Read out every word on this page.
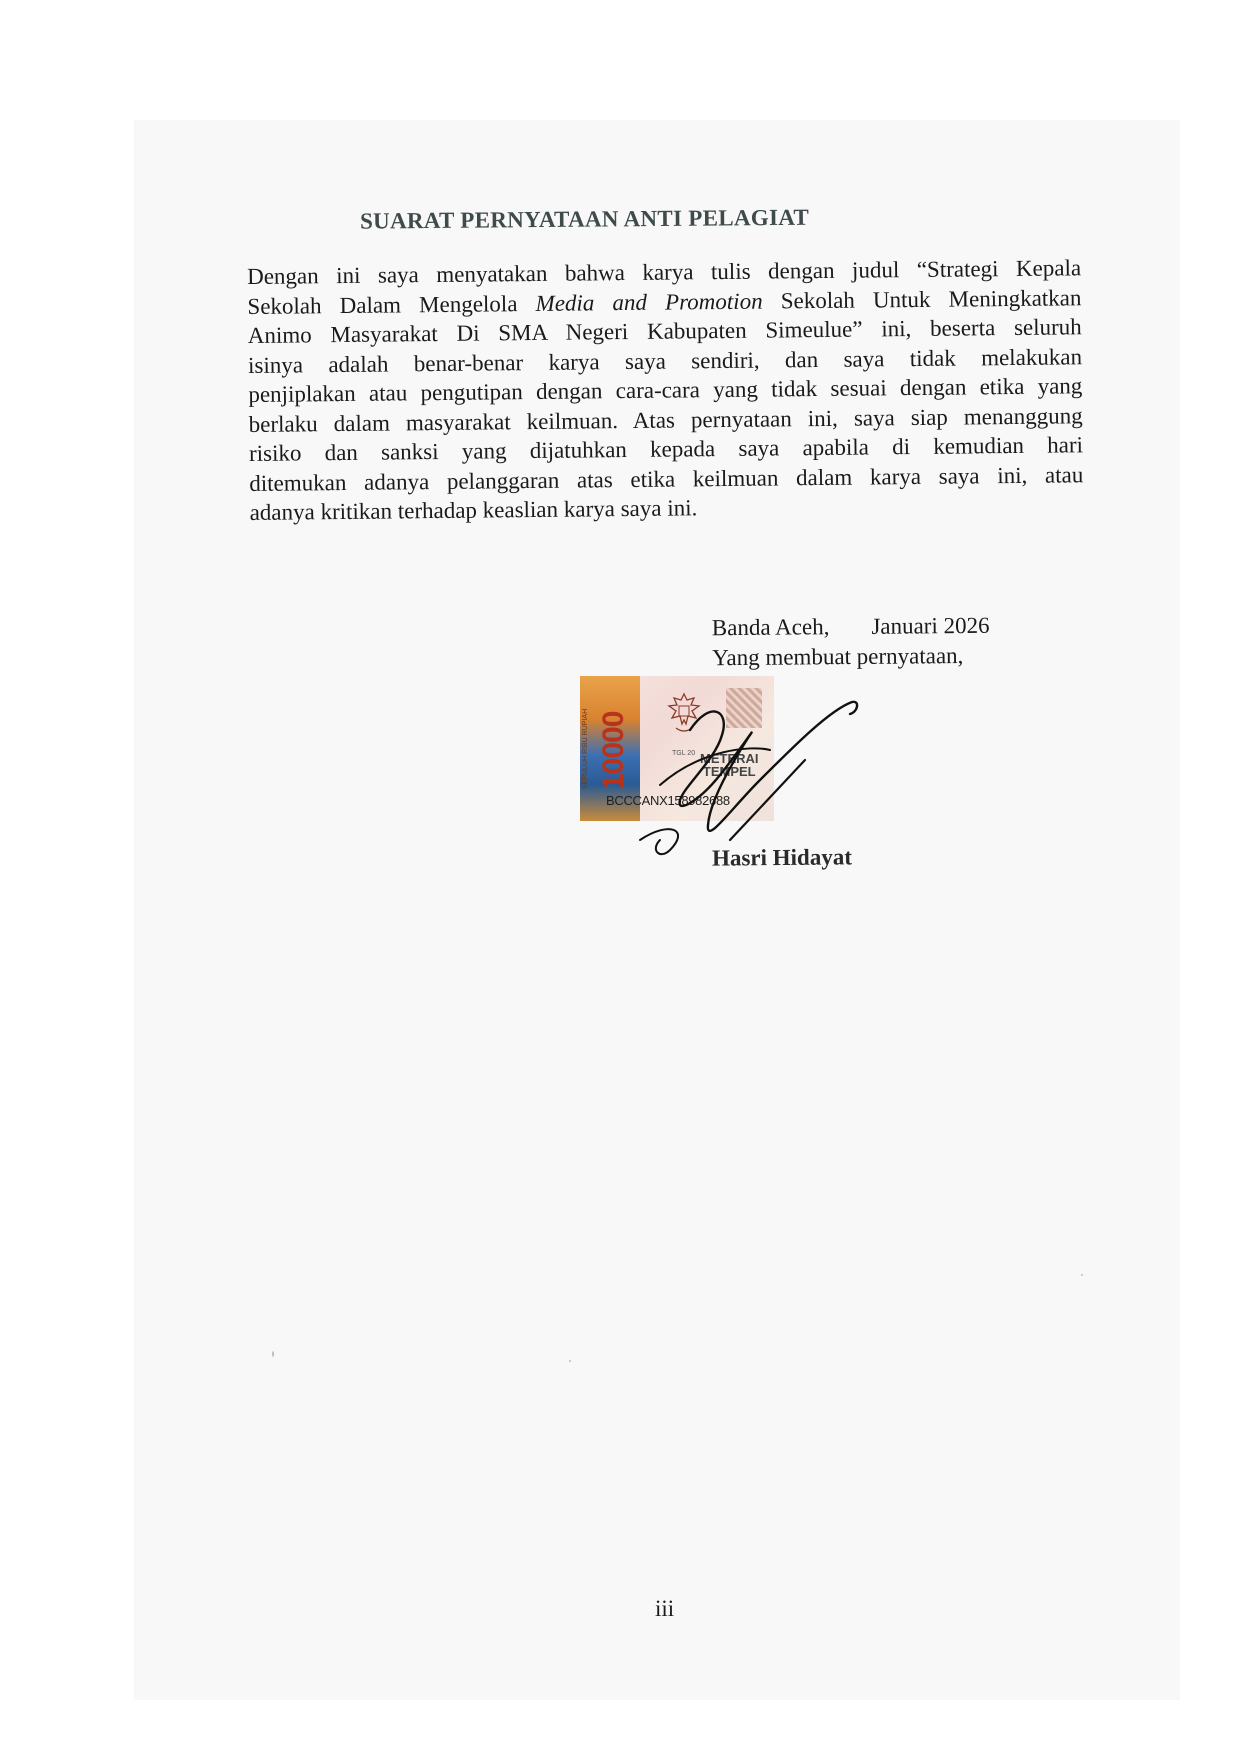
SUARAT PERNYATAAN ANTI PELAGIAT
Dengan ini saya menyatakan bahwa karya tulis dengan judul “Strategi Kepala
Sekolah Dalam Mengelola Media and Promotion Sekolah Untuk Meningkatkan
Animo Masyarakat Di SMA Negeri Kabupaten Simeulue” ini, beserta seluruh
isinya adalah benar-benar karya saya sendiri, dan saya tidak melakukan
penjiplakan atau pengutipan dengan cara-cara yang tidak sesuai dengan etika yang
berlaku dalam masyarakat keilmuan. Atas pernyataan ini, saya siap menanggung
risiko dan sanksi yang dijatuhkan kepada saya apabila di kemudian hari
ditemukan adanya pelanggaran atas etika keilmuan dalam karya saya ini, atau
adanya kritikan terhadap keaslian karya saya ini.
Banda Aceh, Januari 2026
Yang membuat pernyataan,
SEPULUH RIBU RUPIAH 10000	TGL 20 METERAI
TEMPEL
BCCCANX158982688
Hasri Hidayat
iii
